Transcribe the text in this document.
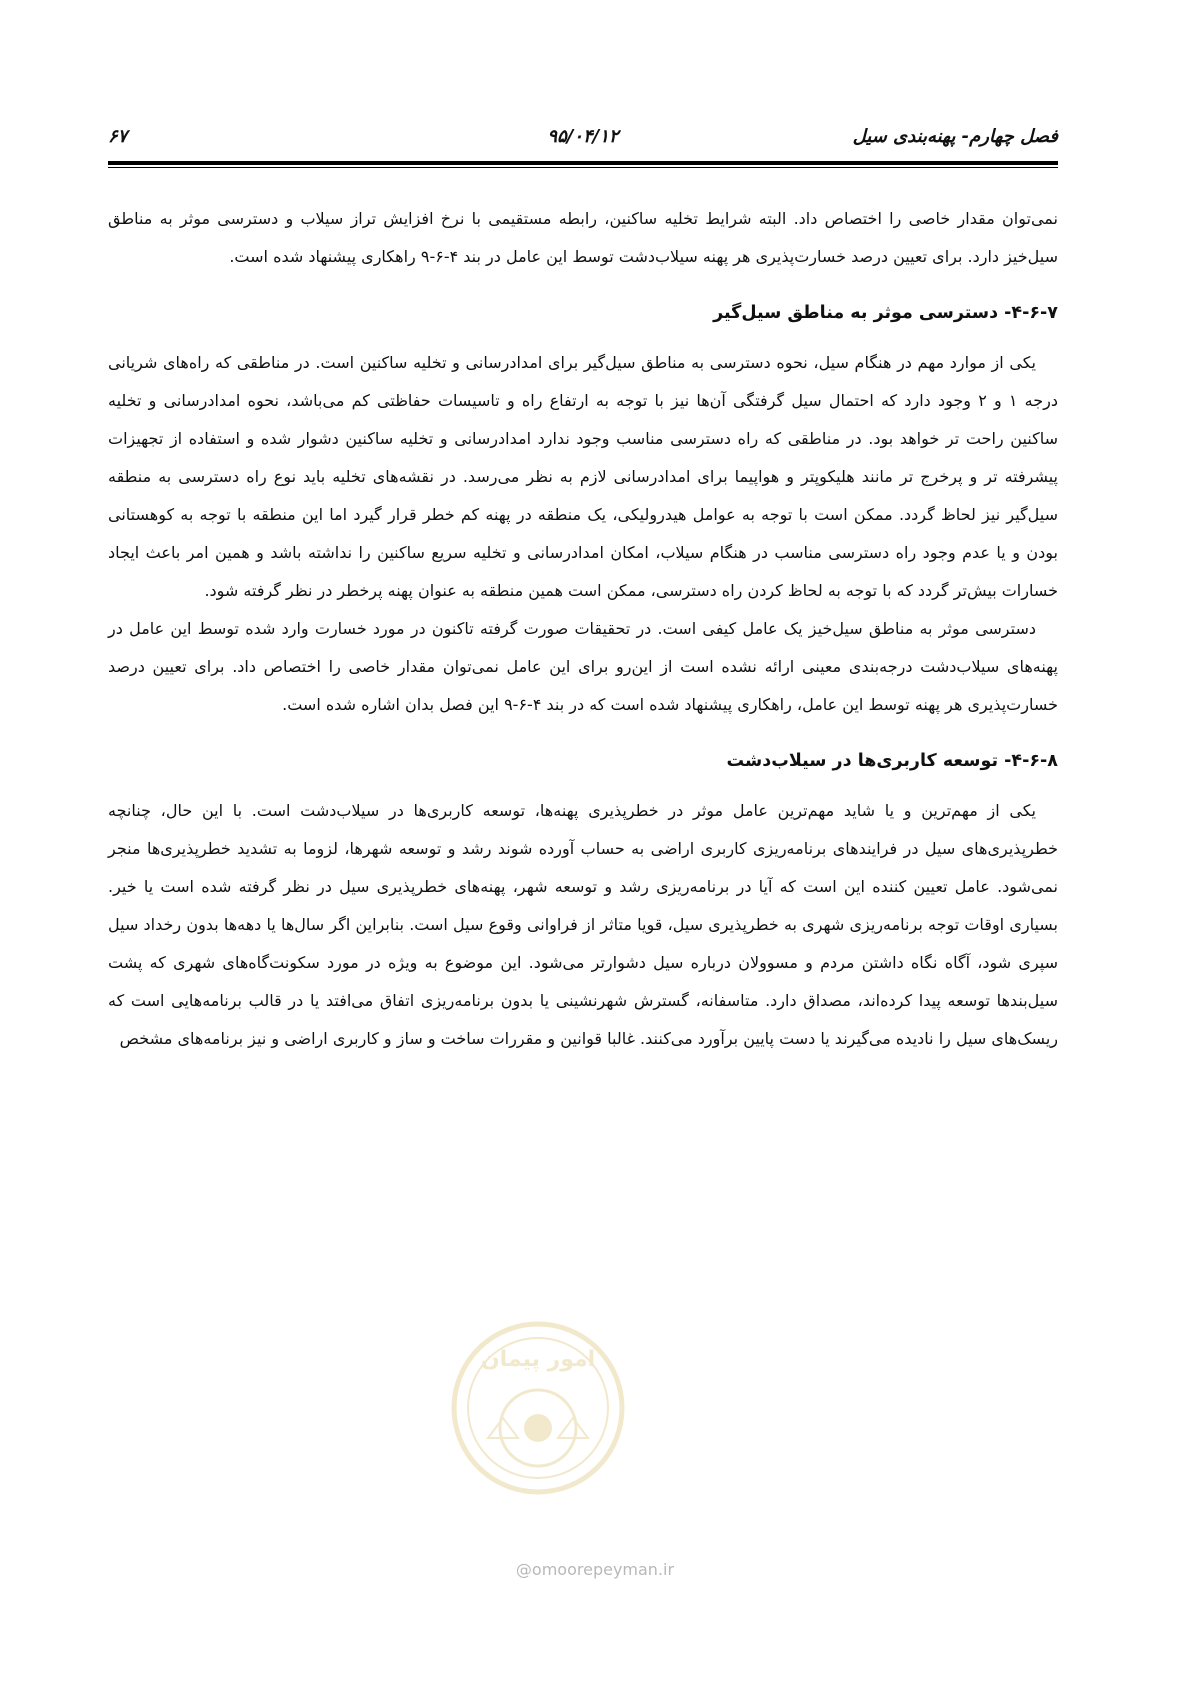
فصل چهارم- پهنه‌بندی سیل
۹۵/۰۴/۱۲
۶۷

نمی‌توان مقدار خاصی را اختصاص داد. البته شرایط تخلیه ساکنین، رابطه مستقیمی با نرخ افزایش تراز سیلاب و دسترسی موثر به مناطق سیل‌خیز دارد. برای تعیین درصد خسارت‌پذیری هر پهنه سیلاب‌دشت توسط این عامل در بند ۴-۶-۹ راهکاری پیشنهاد شده است.

۴-۶-۷- دسترسی موثر به مناطق سیل‌گیر

یکی از موارد مهم در هنگام سیل، نحوه دسترسی به مناطق سیل‌گیر برای امدادرسانی و تخلیه ساکنین است. در مناطقی که راه‌های شریانی درجه ۱ و ۲ وجود دارد که احتمال سیل گرفتگی آن‌ها نیز با توجه به ارتفاع راه و تاسیسات حفاظتی کم می‌باشد، نحوه امدادرسانی و تخلیه ساکنین راحت تر خواهد بود. در مناطقی که راه دسترسی مناسب وجود ندارد امدادرسانی و تخلیه ساکنین دشوار شده و استفاده از تجهیزات پیشرفته تر و پرخرج تر مانند هلیکوپتر و هواپیما برای امدادرسانی لازم به نظر می‌رسد. در نقشه‌های تخلیه باید نوع راه دسترسی به منطقه سیل‌گیر نیز لحاظ گردد. ممکن است با توجه به عوامل هیدرولیکی، یک منطقه در پهنه کم خطر قرار گیرد اما این منطقه با توجه به کوهستانی بودن و یا عدم وجود راه دسترسی مناسب در هنگام سیلاب، امکان امدادرسانی و تخلیه سریع ساکنین را نداشته باشد و همین امر باعث ایجاد خسارات بیش‌تر گردد که با توجه به لحاظ کردن راه دسترسی، ممکن است همین منطقه به عنوان پهنه پرخطر در نظر گرفته شود.

دسترسی موثر به مناطق سیل‌خیز یک عامل کیفی است. در تحقیقات صورت گرفته تاکنون در مورد خسارت وارد شده توسط این عامل در پهنه‌های سیلاب‌دشت درجه‌بندی معینی ارائه نشده است از این‌رو برای این عامل نمی‌توان مقدار خاصی را اختصاص داد. برای تعیین درصد خسارت‌پذیری هر پهنه توسط این عامل، راهکاری پیشنهاد شده است که در بند ۴-۶-۹ این فصل بدان اشاره شده است.

۴-۶-۸- توسعه کاربری‌ها در سیلاب‌دشت

یکی از مهم‌ترین و یا شاید مهم‌ترین عامل موثر در خطرپذیری پهنه‌ها، توسعه کاربری‌ها در سیلاب‌دشت است. با این حال، چنانچه خطرپذیری‌های سیل در فرایندهای برنامه‌ریزی کاربری اراضی به حساب آورده شوند رشد و توسعه شهرها، لزوما به تشدید خطرپذیری‌ها منجر نمی‌شود. عامل تعیین کننده این است که آیا در برنامه‌ریزی رشد و توسعه شهر، پهنه‌های خطرپذیری سیل در نظر گرفته شده است یا خیر. بسیاری اوقات توجه برنامه‌ریزی شهری به خطرپذیری سیل، قویا متاثر از فراوانی وقوع سیل است. بنابراین اگر سال‌ها یا دهه‌ها بدون رخداد سیل سپری شود، آگاه نگاه داشتن مردم و مسوولان درباره سیل دشوارتر می‌شود. این موضوع به ویژه در مورد سکونت‌گاه‌های شهری که پشت سیل‌بندها توسعه پیدا کرده‌اند، مصداق دارد. متاسفانه، گسترش شهرنشینی یا بدون برنامه‌ریزی اتفاق می‌افتد یا در قالب برنامه‌هایی است که ریسک‌های سیل را نادیده می‌گیرند یا دست پایین برآورد می‌کنند. غالبا قوانین و مقررات ساخت و ساز و کاربری اراضی و نیز برنامه‌های مشخص

امور پیمان
@omoorepeyman.ir
